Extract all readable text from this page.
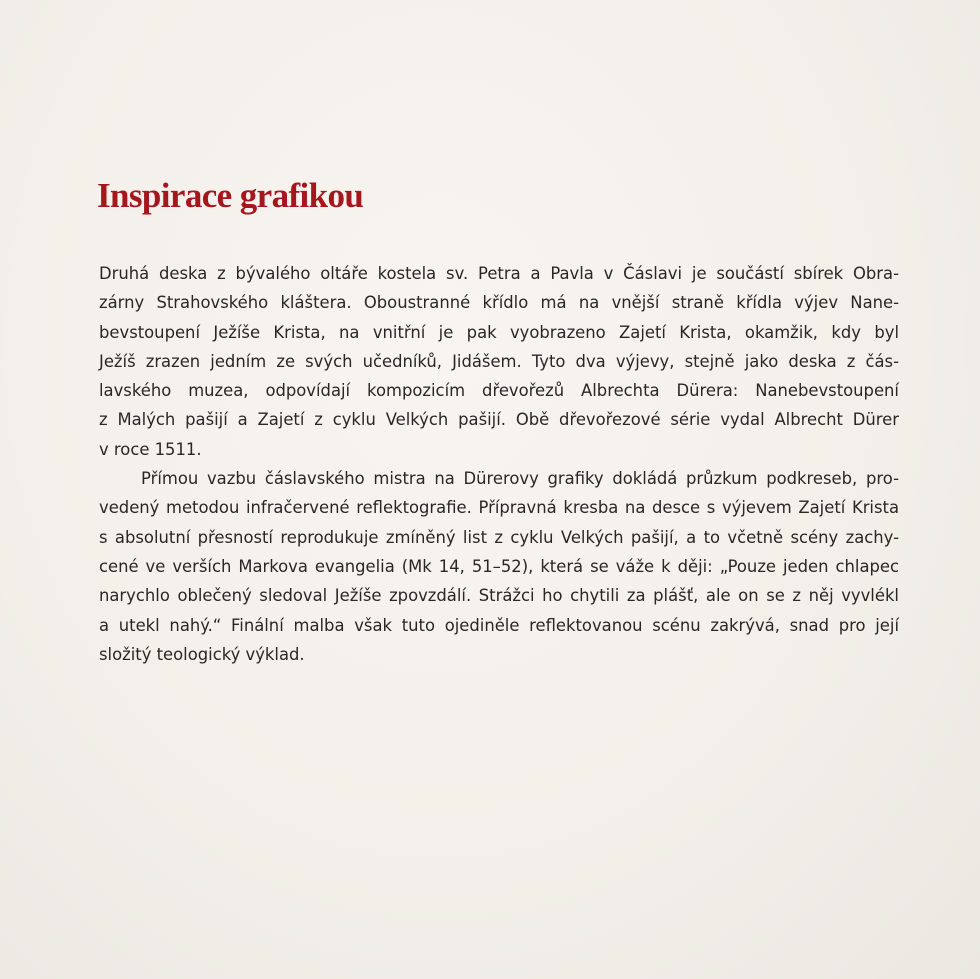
Inspirace grafikou
Druhá deska z bývalého oltáře kostela sv. Petra a Pavla v Čáslavi je součástí sbírek Obra-
zárny Strahovského kláštera. Oboustranné křídlo má na vnější straně křídla výjev Nane-
bevstoupení Ježíše Krista, na vnitřní je pak vyobrazeno Zajetí Krista, okamžik, kdy byl
Ježíš zrazen jedním ze svých učedníků, Jidášem. Tyto dva výjevy, stejně jako deska z čás-
lavského muzea, odpovídají kompozicím dřevořezů Albrechta Dürera: Nanebevstoupení
z Malých pašijí a Zajetí z cyklu Velkých pašijí. Obě dřevořezové série vydal Albrecht Dürer
v roce 1511.
Přímou vazbu čáslavského mistra na Dürerovy grafiky dokládá průzkum podkreseb, pro-
vedený metodou infračervené reflektografie. Přípravná kresba na desce s výjevem Zajetí Krista
s absolutní přesností reprodukuje zmíněný list z cyklu Velkých pašijí, a to včetně scény zachy-
cené ve verších Markova evangelia (Mk 14, 51–52), která se váže k ději: „Pouze jeden chlapec
narychlo oblečený sledoval Ježíše zpovzdálí. Strážci ho chytili za plášť, ale on se z něj vyvlékl
a utekl nahý.“ Finální malba však tuto ojediněle reflektovanou scénu zakrývá, snad pro její
složitý teologický výklad.
